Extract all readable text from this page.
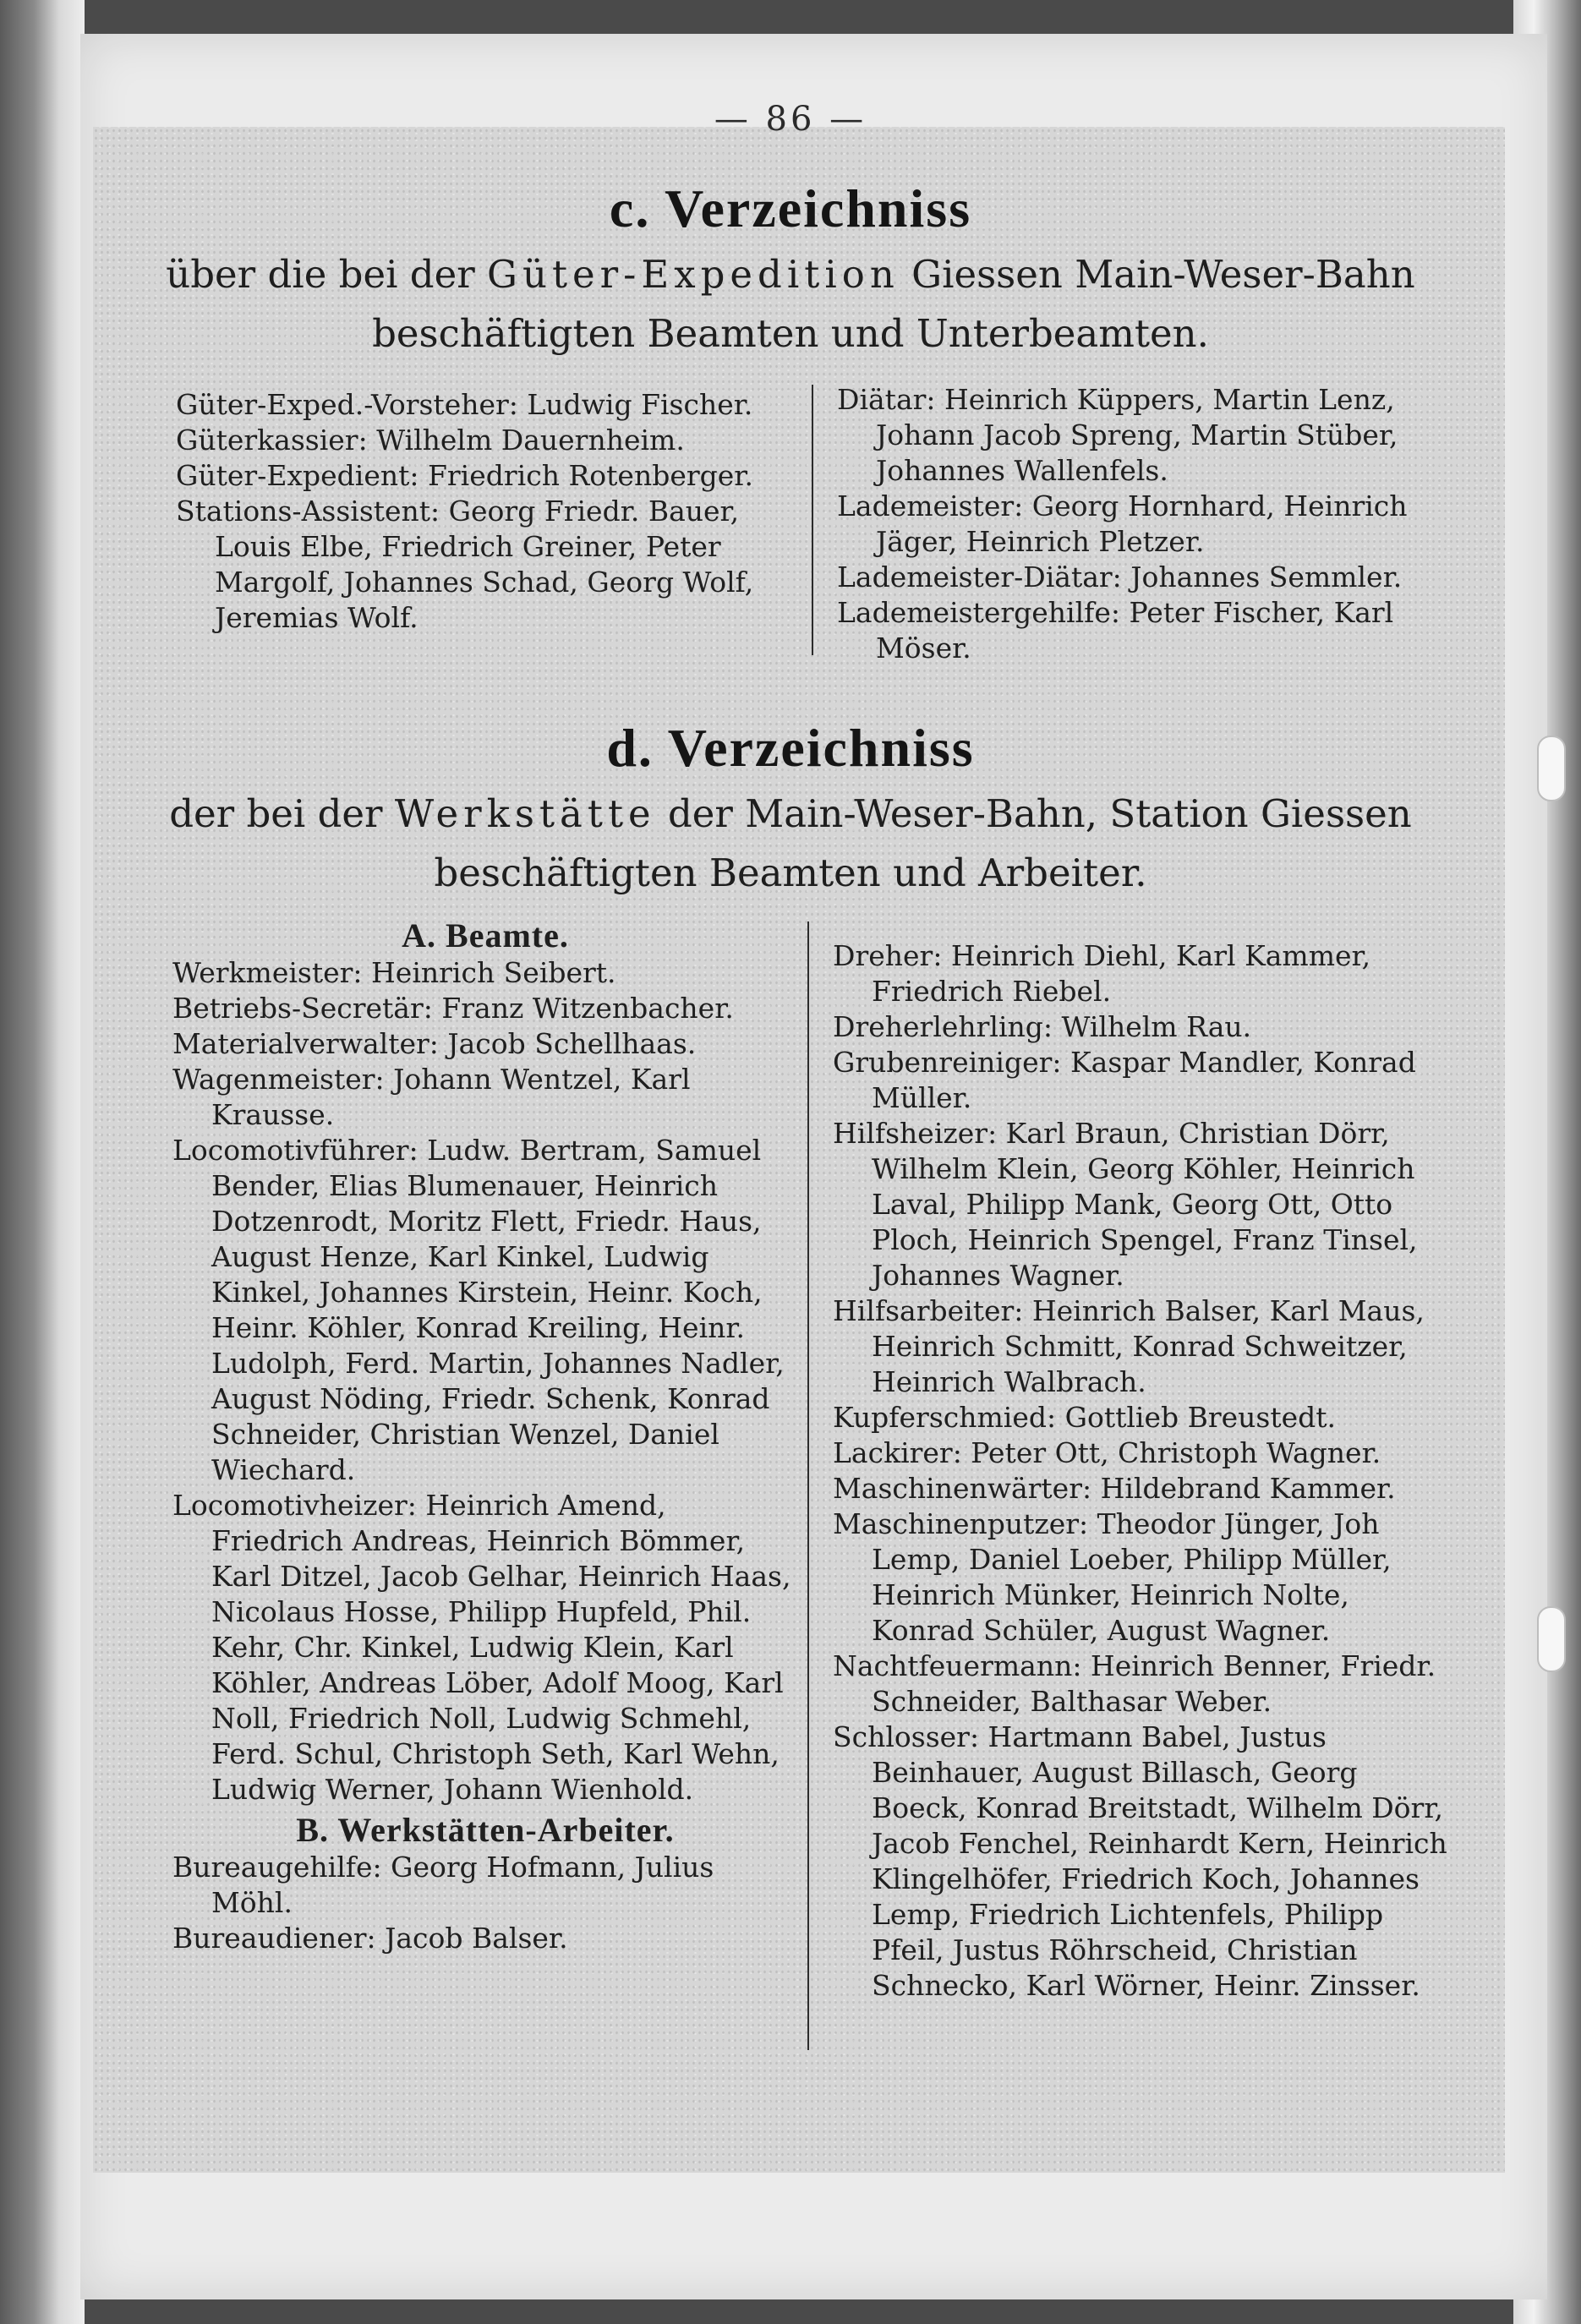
— 86 —
c. Verzeichniss
über die bei der Güter-Expedition Giessen Main-Weser-Bahn
beschäftigten Beamten und Unterbeamten.

Güter-Exped.-Vorsteher: Ludwig Fischer.

Güterkassier: Wilhelm Dauernheim.

Güter-Expedient: Friedrich Rotenberger.

Stations-Assistent: Georg Friedr. Bauer, Louis Elbe, Friedrich Greiner, Peter Margolf, Johannes Schad, Georg Wolf, Jeremias Wolf.

Diätar: Heinrich Küppers, Martin Lenz, Johann Jacob Spreng, Martin Stüber, Johannes Wallenfels.

Lademeister: Georg Hornhard, Heinrich Jäger, Heinrich Pletzer.

Lademeister-Diätar: Johannes Semmler.

Lademeistergehilfe: Peter Fischer, Karl Möser.

d. Verzeichniss
der bei der Werkstätte der Main-Weser-Bahn, Station Giessen
beschäftigten Beamten und Arbeiter.

A. Beamte.

Werkmeister: Heinrich Seibert.

Betriebs-Secretär: Franz Witzenbacher.

Materialverwalter: Jacob Schellhaas.

Wagenmeister: Johann Wentzel, Karl Krausse.

Locomotivführer: Ludw. Bertram, Samuel Bender, Elias Blumenauer, Heinrich Dotzenrodt, Moritz Flett, Friedr. Haus, August Henze, Karl Kinkel, Ludwig Kinkel, Johannes Kirstein, Heinr. Koch, Heinr. Köhler, Konrad Kreiling, Heinr. Ludolph, Ferd. Martin, Johannes Nadler, August Nöding, Friedr. Schenk, Konrad Schneider, Christian Wenzel, Daniel Wiechard.

Locomotivheizer: Heinrich Amend, Friedrich Andreas, Heinrich Bömmer, Karl Ditzel, Jacob Gelhar, Heinrich Haas, Nicolaus Hosse, Philipp Hupfeld, Phil. Kehr, Chr. Kinkel, Ludwig Klein, Karl Köhler, Andreas Löber, Adolf Moog, Karl Noll, Friedrich Noll, Ludwig Schmehl, Ferd. Schul, Christoph Seth, Karl Wehn, Ludwig Werner, Johann Wienhold.

B. Werkstätten-Arbeiter.

Bureaugehilfe: Georg Hofmann, Julius Möhl.

Bureaudiener: Jacob Balser.

Dreher: Heinrich Diehl, Karl Kammer, Friedrich Riebel.

Dreherlehrling: Wilhelm Rau.

Grubenreiniger: Kaspar Mandler, Konrad Müller.

Hilfsheizer: Karl Braun, Christian Dörr, Wilhelm Klein, Georg Köhler, Heinrich Laval, Philipp Mank, Georg Ott, Otto Ploch, Heinrich Spengel, Franz Tinsel, Johannes Wagner.

Hilfsarbeiter: Heinrich Balser, Karl Maus, Heinrich Schmitt, Konrad Schweitzer, Heinrich Walbrach.

Kupferschmied: Gottlieb Breustedt.

Lackirer: Peter Ott, Christoph Wagner.

Maschinenwärter: Hildebrand Kammer.

Maschinenputzer: Theodor Jünger, Joh Lemp, Daniel Loeber, Philipp Müller, Heinrich Münker, Heinrich Nolte, Konrad Schüler, August Wagner.

Nachtfeuermann: Heinrich Benner, Friedr. Schneider, Balthasar Weber.

Schlosser: Hartmann Babel, Justus Beinhauer, August Billasch, Georg Boeck, Konrad Breitstadt, Wilhelm Dörr, Jacob Fenchel, Reinhardt Kern, Heinrich Klingelhöfer, Friedrich Koch, Johannes Lemp, Friedrich Lichtenfels, Philipp Pfeil, Justus Röhrscheid, Christian Schnecko, Karl Wörner, Heinr. Zinsser.
